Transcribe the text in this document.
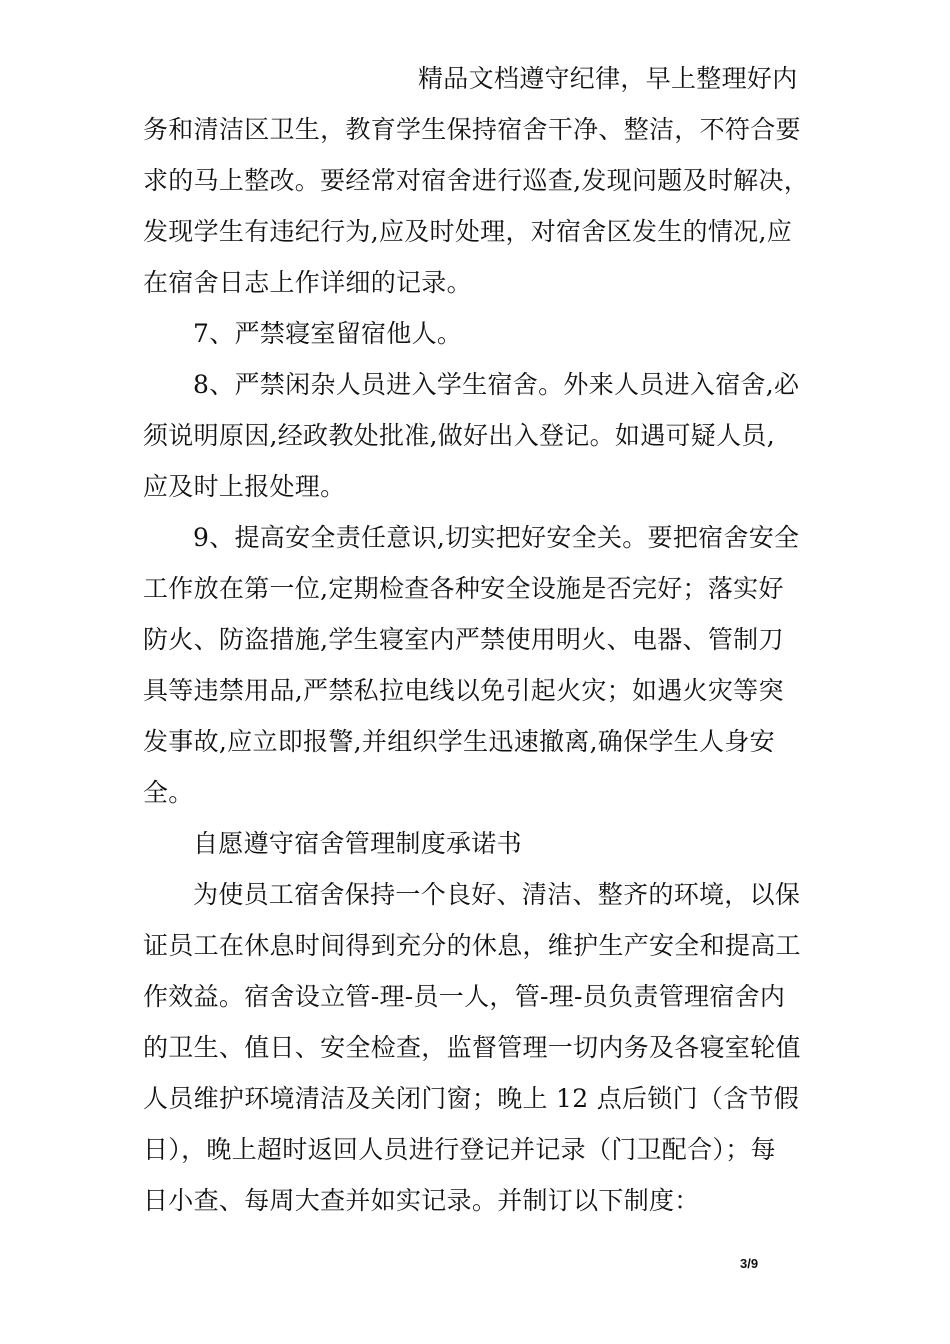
精品文档遵守纪律，早上整理好内
务和清洁区卫生，教育学生保持宿舍干净、整洁，不符合要
求的马上整改。要经常对宿舍进行巡查,发现问题及时解决，
发现学生有违纪行为,应及时处理，对宿舍区发生的情况,应
在宿舍日志上作详细的记录。
7、严禁寝室留宿他人。
8、严禁闲杂人员进入学生宿舍。外来人员进入宿舍,必
须说明原因,经政教处批准,做好出入登记。如遇可疑人员,
应及时上报处理。
9、提高安全责任意识,切实把好安全关。要把宿舍安全
工作放在第一位,定期检查各种安全设施是否完好；落实好
防火、防盗措施,学生寝室内严禁使用明火、电器、管制刀
具等违禁用品,严禁私拉电线以免引起火灾；如遇火灾等突
发事故,应立即报警,并组织学生迅速撤离,确保学生人身安
全。
自愿遵守宿舍管理制度承诺书
为使员工宿舍保持一个良好、清洁、整齐的环境，以保
证员工在休息时间得到充分的休息，维护生产安全和提高工
作效益。宿舍设立管-理-员一人，管-理-员负责管理宿舍内
的卫生、值日、安全检查，监督管理一切内务及各寝室轮值
人员维护环境清洁及关闭门窗；晚上 12 点后锁门（含节假
日），晚上超时返回人员进行登记并记录（门卫配合）；每
日小查、每周大查并如实记录。并制订以下制度：
3/9
